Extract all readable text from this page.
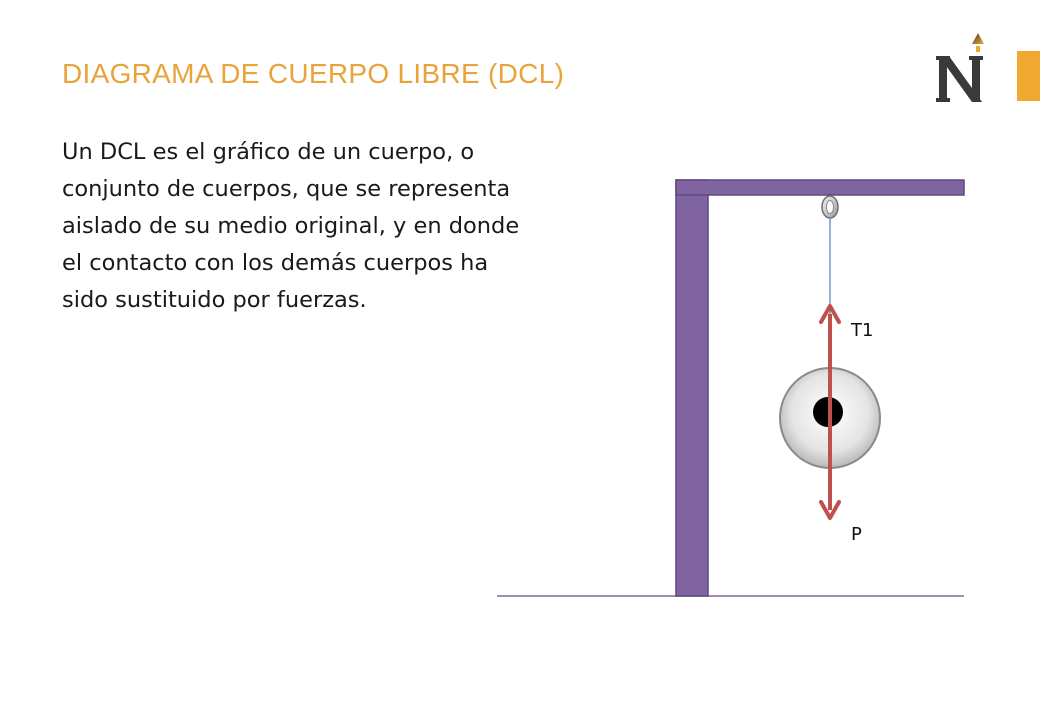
DIAGRAMA DE CUERPO LIBRE (DCL)
Un DCL es el gráfico de un cuerpo, o
conjunto de cuerpos, que se representa
aislado de su medio original, y en donde
el contacto con los demás cuerpos ha
sido sustituido por fuerzas.
T1
P
